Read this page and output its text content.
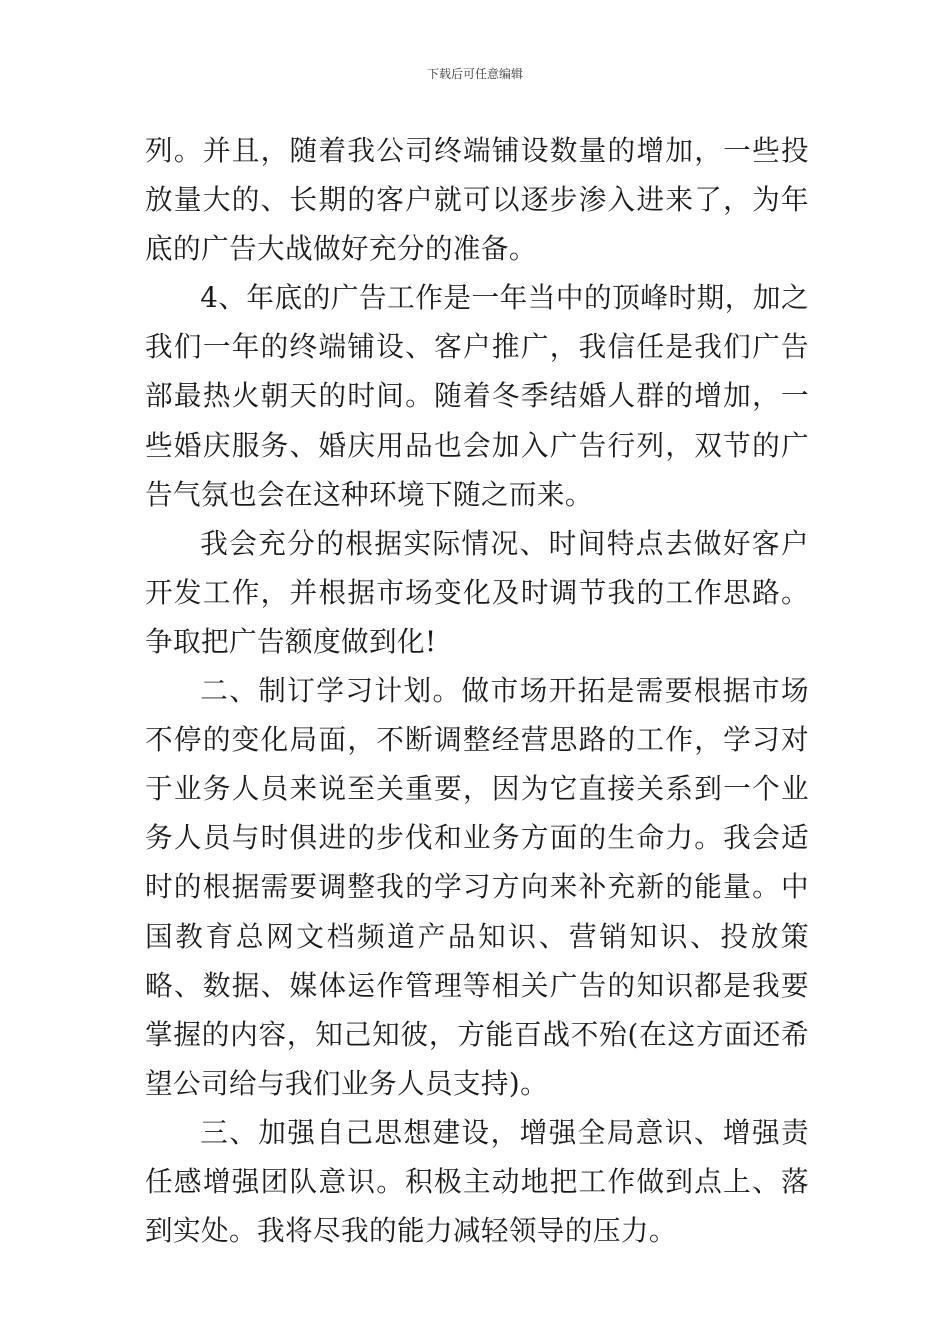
下载后可任意编辑

列。并且，随着我公司终端铺设数量的增加，一些投放量大的、长期的客户就可以逐步渗入进来了，为年底的广告大战做好充分的准备。

4、年底的广告工作是一年当中的顶峰时期，加之我们一年的终端铺设、客户推广，我信任是我们广告部最热火朝天的时间。随着冬季结婚人群的增加，一些婚庆服务、婚庆用品也会加入广告行列，双节的广告气氛也会在这种环境下随之而来。

我会充分的根据实际情况、时间特点去做好客户开发工作，并根据市场变化及时调节我的工作思路。争取把广告额度做到化!

二、制订学习计划。做市场开拓是需要根据市场不停的变化局面，不断调整经营思路的工作，学习对于业务人员来说至关重要，因为它直接关系到一个业务人员与时俱进的步伐和业务方面的生命力。我会适时的根据需要调整我的学习方向来补充新的能量。中国教育总网文档频道产品知识、营销知识、投放策略、数据、媒体运作管理等相关广告的知识都是我要掌握的内容，知己知彼，方能百战不殆(在这方面还希望公司给与我们业务人员支持)。

三、加强自己思想建设，增强全局意识、增强责任感增强团队意识。积极主动地把工作做到点上、落到实处。我将尽我的能力减轻领导的压力。
